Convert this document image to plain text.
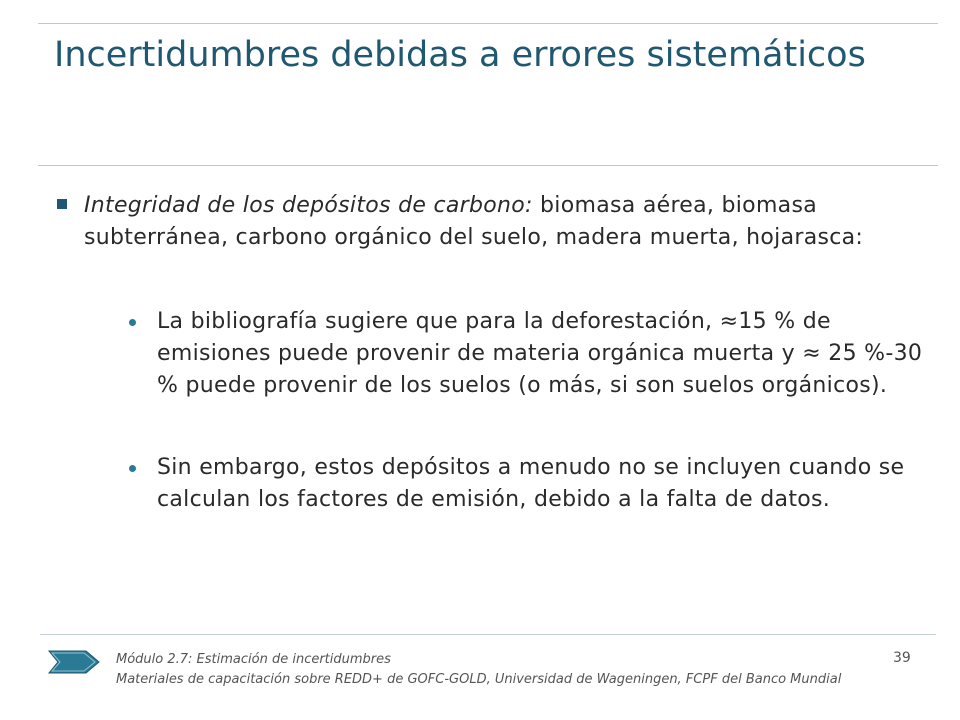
Incertidumbres debidas a errores sistemáticos
Integridad de los depósitos de carbono: biomasa aérea, biomasa subterránea, carbono orgánico del suelo, madera muerta, hojarasca:
La bibliografía sugiere que para la deforestación, ≈15 % de emisiones puede provenir de materia orgánica muerta y ≈ 25 %-30 % puede provenir de los suelos (o más, si son suelos orgánicos).
Sin embargo, estos depósitos a menudo no se incluyen cuando se calculan los factores de emisión, debido a la falta de datos.
Módulo 2.7: Estimación de incertidumbres
Materiales de capacitación sobre REDD+ de GOFC-GOLD, Universidad de Wageningen, FCPF del Banco Mundial
39
